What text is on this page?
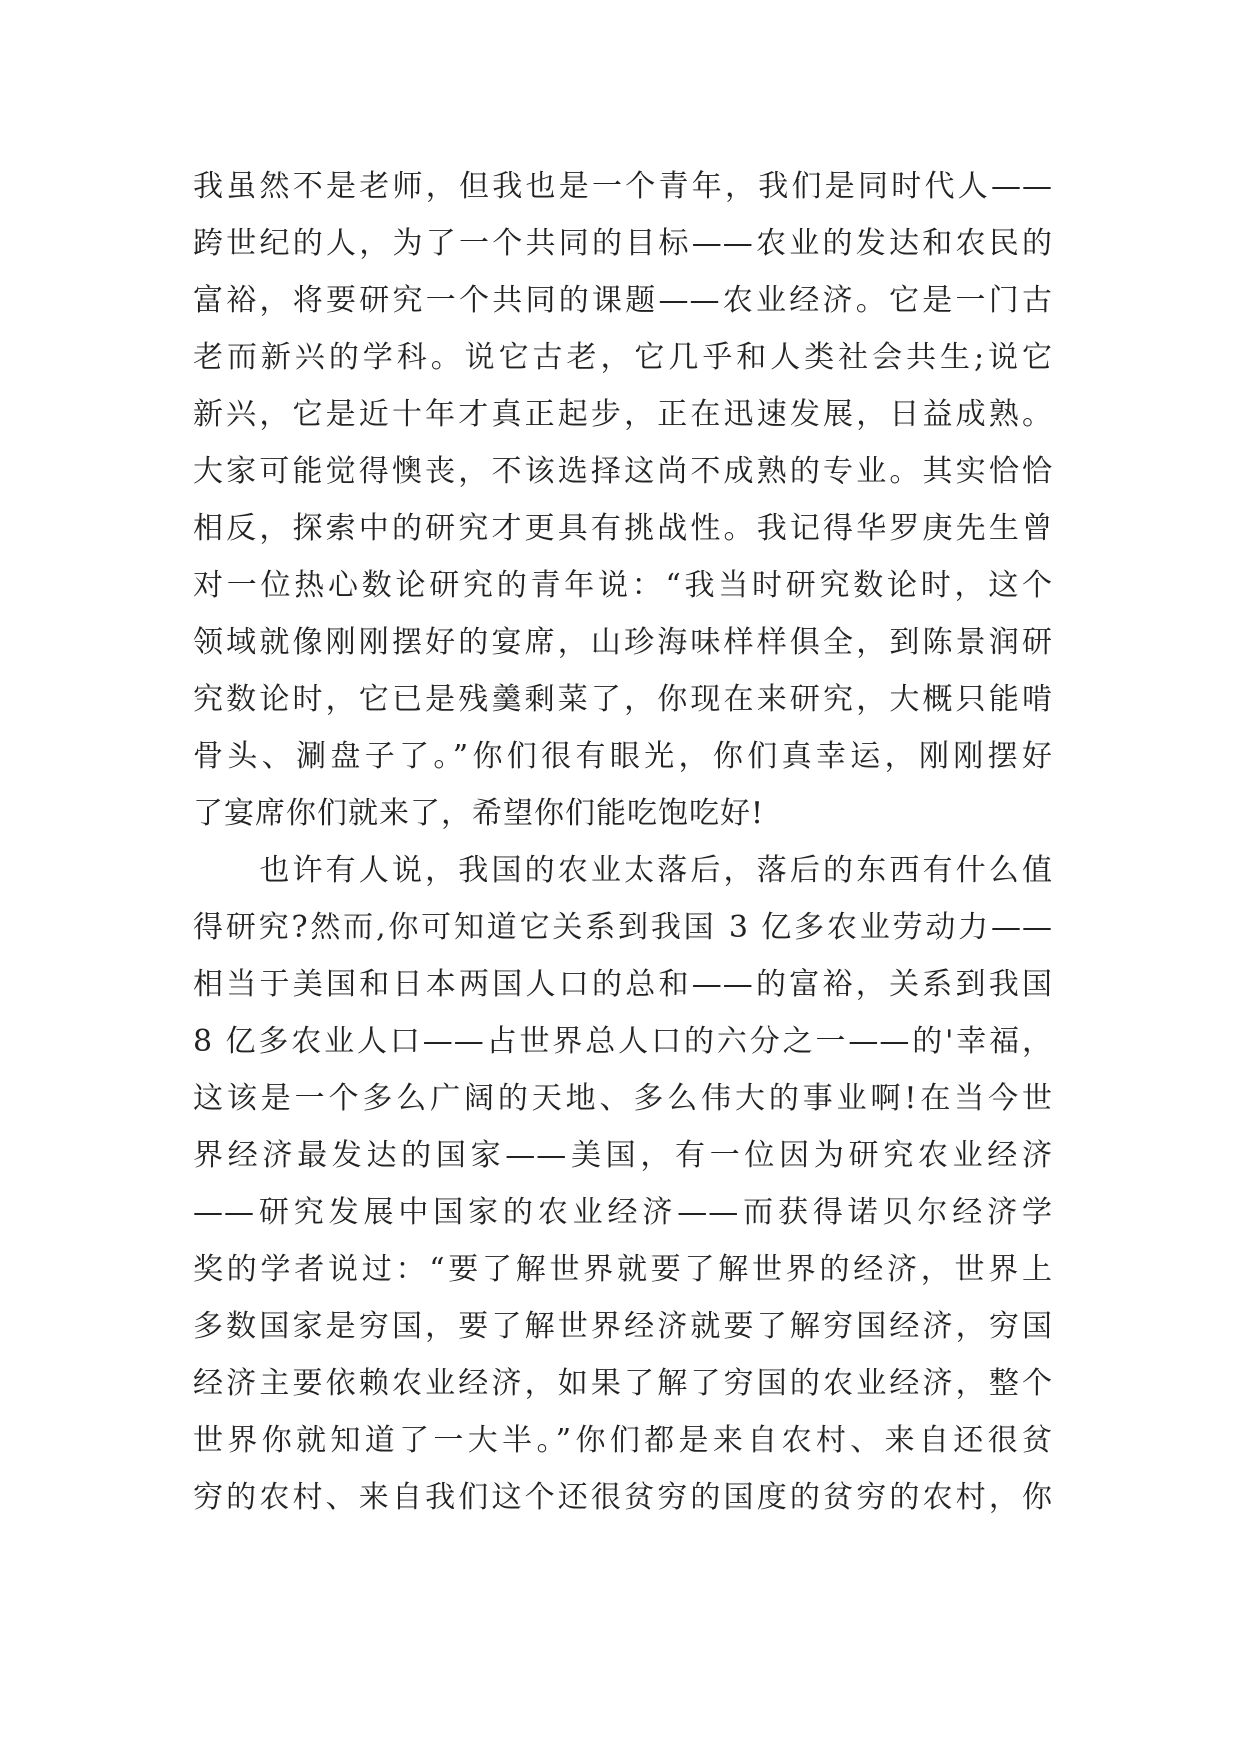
我虽然不是老师，但我也是一个青年，我们是同时代人——
跨世纪的人，为了一个共同的目标——农业的发达和农民的
富裕，将要研究一个共同的课题——农业经济。它是一门古
老而新兴的学科。说它古老，它几乎和人类社会共生;说它
新兴，它是近十年才真正起步，正在迅速发展，日益成熟。
大家可能觉得懊丧，不该选择这尚不成熟的专业。其实恰恰
相反，探索中的研究才更具有挑战性。我记得华罗庚先生曾
对一位热心数论研究的青年说：“我当时研究数论时，这个
领域就像刚刚摆好的宴席，山珍海味样样俱全，到陈景润研
究数论时，它已是残羹剩菜了，你现在来研究，大概只能啃
骨头、涮盘子了。”你们很有眼光，你们真幸运，刚刚摆好
了宴席你们就来了，希望你们能吃饱吃好!
　　也许有人说，我国的农业太落后，落后的东西有什么值
得研究?然而,你可知道它关系到我国 3 亿多农业劳动力——
相当于美国和日本两国人口的总和——的富裕，关系到我国
8 亿多农业人口——占世界总人口的六分之一——的'幸福，
这该是一个多么广阔的天地、多么伟大的事业啊!在当今世
界经济最发达的国家——美国，有一位因为研究农业经济
——研究发展中国家的农业经济——而获得诺贝尔经济学
奖的学者说过：“要了解世界就要了解世界的经济，世界上
多数国家是穷国，要了解世界经济就要了解穷国经济，穷国
经济主要依赖农业经济，如果了解了穷国的农业经济，整个
世界你就知道了一大半。”你们都是来自农村、来自还很贫
穷的农村、来自我们这个还很贫穷的国度的贫穷的农村，你
